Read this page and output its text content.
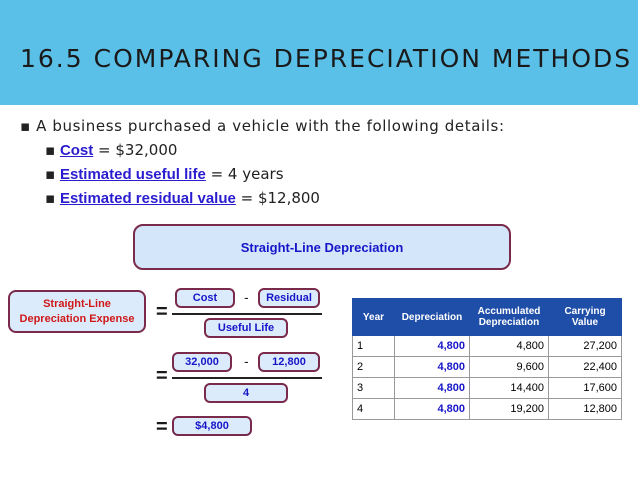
16.5 COMPARING DEPRECIATION METHODS
▪ A business purchased a vehicle with the following details:
▪ Cost = $32,000
▪ Estimated useful life = 4 years
▪ Estimated residual value = $12,800
Straight-Line Depreciation
Straight-Line
Depreciation Expense =
Cost	-	Residual
Useful Life
=
32,000	-	12,800
4
=	$4,800
Year	Depreciation	Accumulated Depreciation	Carrying Value
1	4,800	4,800	27,200
2	4,800	9,600	22,400
3	4,800	14,400	17,600
4	4,800	19,200	12,800
